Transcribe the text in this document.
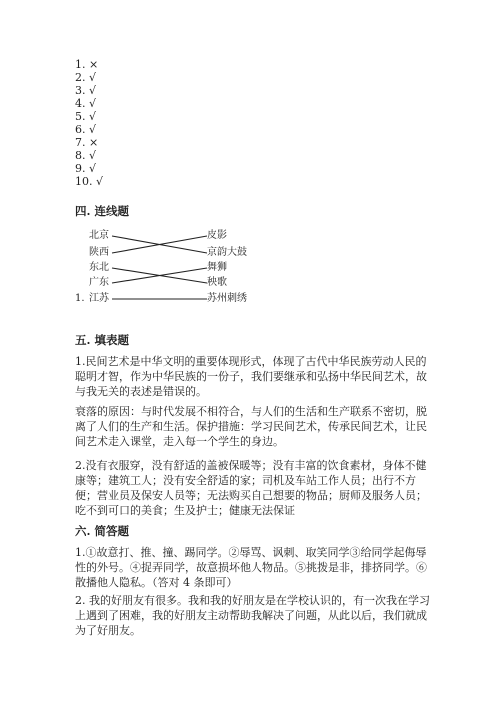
1. ×
2. √
3. √
4. √
5. √
6. √
7. ×
8. √
9. √
10. √
四. 连线题
1.
北京
陕西
东北
广东
江苏
皮影
京韵大鼓
舞狮
秧歌
苏州刺绣
五. 填表题
1.民间艺术是中华文明的重要体现形式，体现了古代中华民族劳动人民的聪明才智，作为中华民族的一份子，我们要继承和弘扬中华民间艺术，故与我无关的表述是错误的。
衰落的原因：与时代发展不相符合，与人们的生活和生产联系不密切，脱离了人们的生产和生活。保护措施：学习民间艺术，传承民间艺术，让民间艺术走入课堂，走入每一个学生的身边。
2.没有衣服穿，没有舒适的盖被保暖等；没有丰富的饮食素材，身体不健康等；建筑工人；没有安全舒适的家；司机及车站工作人员；出行不方便；营业员及保安人员等；无法购买自己想要的物品；厨师及服务人员；吃不到可口的美食；生及护士；健康无法保证
六. 简答题
1.①故意打、推、撞、踢同学。②辱骂、讽刺、取笑同学③给同学起侮辱性的外号。④捉弄同学，故意损坏他人物品。⑤挑拨是非，排挤同学。⑥散播他人隐私。（答对 4 条即可）
2. 我的好朋友有很多。我和我的好朋友是在学校认识的，有一次我在学习上遇到了困难，我的好朋友主动帮助我解决了问题，从此以后，我们就成为了好朋友。
